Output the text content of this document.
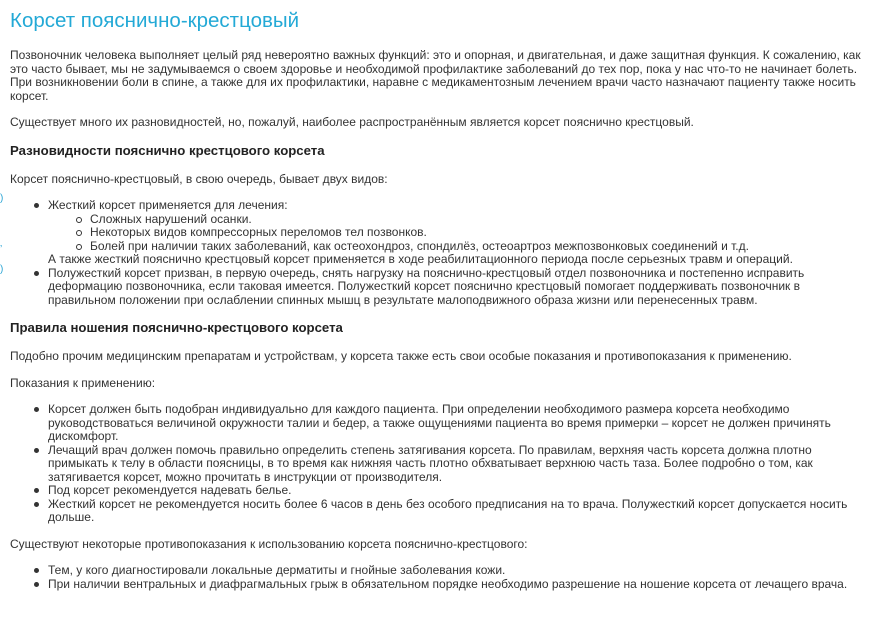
)
‚
)
Корсет пояснично-крестцовый

Позвоночник человека выполняет целый ряд невероятно важных функций: это и опорная, и двигательная, и даже защитная функция. К сожалению, как это часто бывает, мы не задумываемся о своем здоровье и необходимой профилактике заболеваний до тех пор, пока у нас что-то не начинает болеть. При возникновении боли в спине, а также для их профилактики, наравне с медикаментозным лечением врачи часто назначают пациенту также носить корсет.

Существует много их разновидностей, но, пожалуй, наиболее распространённым является корсет пояснично крестцовый.

Разновидности пояснично крестцового корсета

Корсет пояснично-крестцовый, в свою очередь, бывает двух видов:

Жесткий корсет применяется для лечения:
Сложных нарушений осанки.
Некоторых видов компрессорных переломов тел позвонков.
Болей при наличии таких заболеваний, как остеохондроз, спондилёз, остеоартроз межпозвонковых соединений и т.д.
А также жесткий пояснично крестцовый корсет применяется в ходе реабилитационного периода после серьезных травм и операций.
Полужесткий корсет призван, в первую очередь, снять нагрузку на пояснично-крестцовый отдел позвоночника и постепенно исправить деформацию позвоночника, если таковая имеется. Полужесткий корсет пояснично крестцовый помогает поддерживать позвоночник в правильном положении при ослаблении спинных мышц в результате малоподвижного образа жизни или перенесенных травм.
Правила ношения пояснично-крестцового корсета

Подобно прочим медицинским препаратам и устройствам, у корсета также есть свои особые показания и противопоказания к применению.

Показания к применению:

Корсет должен быть подобран индивидуально для каждого пациента. При определении необходимого размера корсета необходимо руководствоваться величиной окружности талии и бедер, а также ощущениями пациента во время примерки – корсет не должен причинять дискомфорт.
Лечащий врач должен помочь правильно определить степень затягивания корсета. По правилам, верхняя часть корсета должна плотно примыкать к телу в области поясницы, в то время как нижняя часть плотно обхватывает верхнюю часть таза. Более подробно о том, как затягивается корсет, можно прочитать в инструкции от производителя.
Под корсет рекомендуется надевать белье.
Жесткий корсет не рекомендуется носить более 6 часов в день без особого предписания на то врача. Полужесткий корсет допускается носить дольше.

Существуют некоторые противопоказания к использованию корсета пояснично-крестцового:

Тем, у кого диагностировали локальные дерматиты и гнойные заболевания кожи.
При наличии вентральных и диафрагмальных грыж в обязательном порядке необходимо разрешение на ношение корсета от лечащего врача.
